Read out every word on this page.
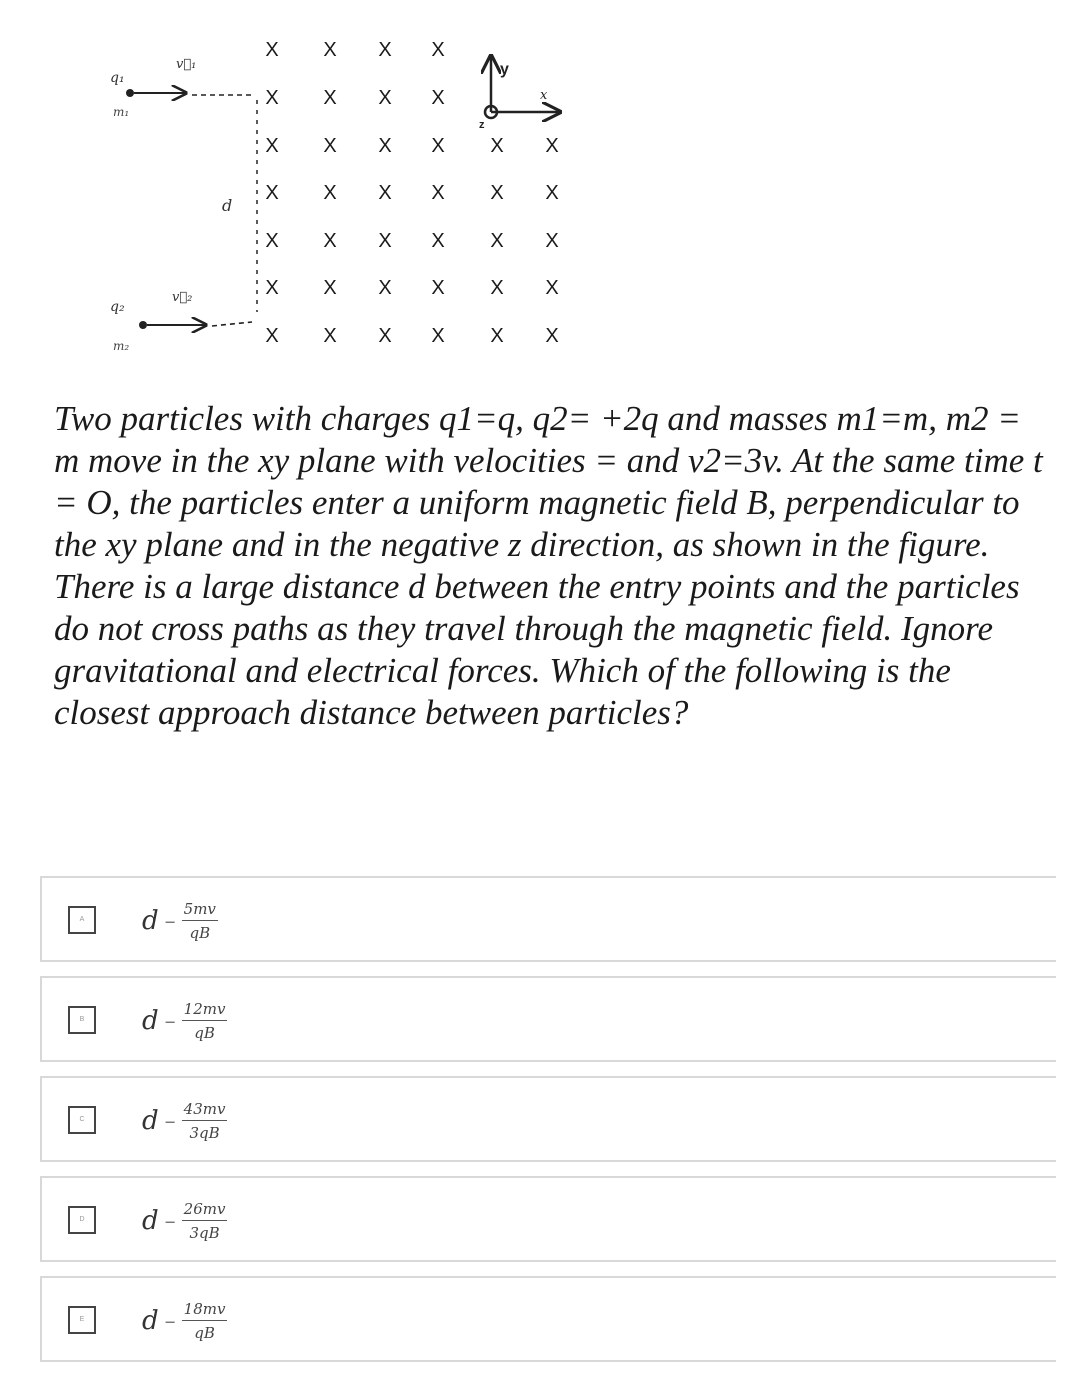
X X X X
X X X X
X X X X X X
X X X X X X
X X X X X X
X X X X X X
X X X X X X
q₁
v⃗₁
m₁
d
q₂
v⃗₂
m₂
y
x
z

Two particles with charges q1=q, q2= +2q and masses m1=m, m2 = m move in the xy plane with velocities = and v2=3v. At the same time t = O, the particles enter a uniform magnetic field B, perpendicular to the xy plane and in the negative z direction, as shown in the figure. There is a large distance d between the entry points and the particles do not cross paths as they travel through the magnetic field. Ignore gravitational and electrical forces. Which of the following is the closest approach distance between particles?

A	d – $\frac{5mv}{qB}$
B	d – $\frac{12mv}{qB}$
C	d – $\frac{43mv}{3qB}$
D	d – $\frac{26mv}{3qB}$
E	d – $\frac{18mv}{qB}$
